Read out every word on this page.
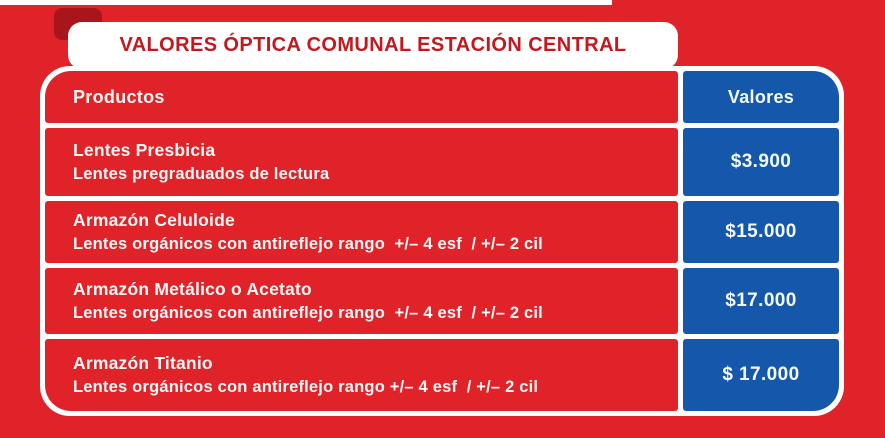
VALORES ÓPTICA COMUNAL ESTACIÓN CENTRAL
Productos	Valores
Lentes Presbicia
Lentes pregraduados de lectura
$3.900
Armazón Celuloide
Lentes orgánicos con antireflejo rango  +/– 4 esf  / +/– 2 cil
$15.000
Armazón Metálico o Acetato
Lentes orgánicos con antireflejo rango  +/– 4 esf  / +/– 2 cil
$17.000
Armazón Titanio
Lentes orgánicos con antireflejo rango +/– 4 esf  / +/– 2 cil
$ 17.000
